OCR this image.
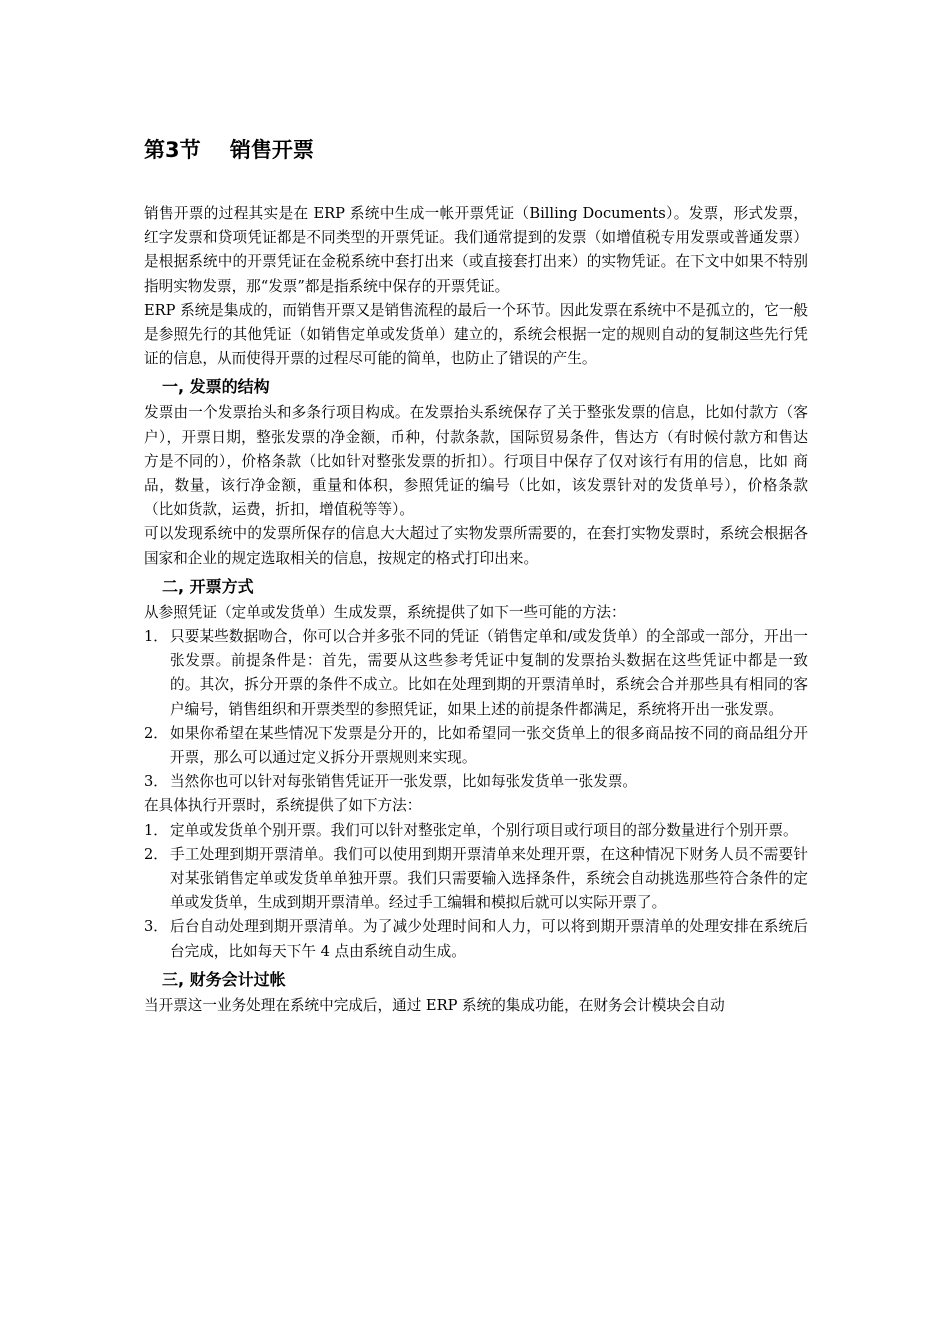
第3节    销售开票

销售开票的过程其实是在 ERP 系统中生成一帐开票凭证（Billing Documents）。发票，形式发票，红字发票和贷项凭证都是不同类型的开票凭证。我们通常提到的发票（如增值税专用发票或普通发票）是根据系统中的开票凭证在金税系统中套打出来（或直接套打出来）的实物凭证。在下文中如果不特别指明实物发票，那“发票”都是指系统中保存的开票凭证。

ERP 系统是集成的，而销售开票又是销售流程的最后一个环节。因此发票在系统中不是孤立的，它一般是参照先行的其他凭证（如销售定单或发货单）建立的，系统会根据一定的规则自动的复制这些先行凭证的信息，从而使得开票的过程尽可能的简单，也防止了错误的产生。

一, 发票的结构

发票由一个发票抬头和多条行项目构成。在发票抬头系统保存了关于整张发票的信息，比如付款方（客户），开票日期，整张发票的净金额，币种，付款条款，国际贸易条件，售达方（有时候付款方和售达方是不同的），价格条款（比如针对整张发票的折扣）。行项目中保存了仅对该行有用的信息，比如 商品，数量，该行净金额，重量和体积，参照凭证的编号（比如，该发票针对的发货单号），价格条款（比如货款，运费，折扣，增值税等等）。

可以发现系统中的发票所保存的信息大大超过了实物发票所需要的，在套打实物发票时，系统会根据各国家和企业的规定选取相关的信息，按规定的格式打印出来。

二, 开票方式

从参照凭证（定单或发货单）生成发票，系统提供了如下一些可能的方法：

1． 只要某些数据吻合，你可以合并多张不同的凭证（销售定单和/或发货单）的全部或一部分，开出一张发票。前提条件是：首先，需要从这些参考凭证中复制的发票抬头数据在这些凭证中都是一致的。其次，拆分开票的条件不成立。比如在处理到期的开票清单时，系统会合并那些具有相同的客户编号，销售组织和开票类型的参照凭证，如果上述的前提条件都满足，系统将开出一张发票。
2． 如果你希望在某些情况下发票是分开的，比如希望同一张交货单上的很多商品按不同的商品组分开开票，那么可以通过定义拆分开票规则来实现。
3． 当然你也可以针对每张销售凭证开一张发票，比如每张发货单一张发票。

在具体执行开票时，系统提供了如下方法：

1． 定单或发货单个别开票。我们可以针对整张定单，个别行项目或行项目的部分数量进行个别开票。
2． 手工处理到期开票清单。我们可以使用到期开票清单来处理开票，在这种情况下财务人员不需要针对某张销售定单或发货单单独开票。我们只需要输入选择条件，系统会自动挑选那些符合条件的定单或发货单，生成到期开票清单。经过手工编辑和模拟后就可以实际开票了。
3． 后台自动处理到期开票清单。为了减少处理时间和人力，可以将到期开票清单的处理安排在系统后台完成，比如每天下午 4 点由系统自动生成。
三, 财务会计过帐

当开票这一业务处理在系统中完成后，通过 ERP 系统的集成功能，在财务会计模块会自动
